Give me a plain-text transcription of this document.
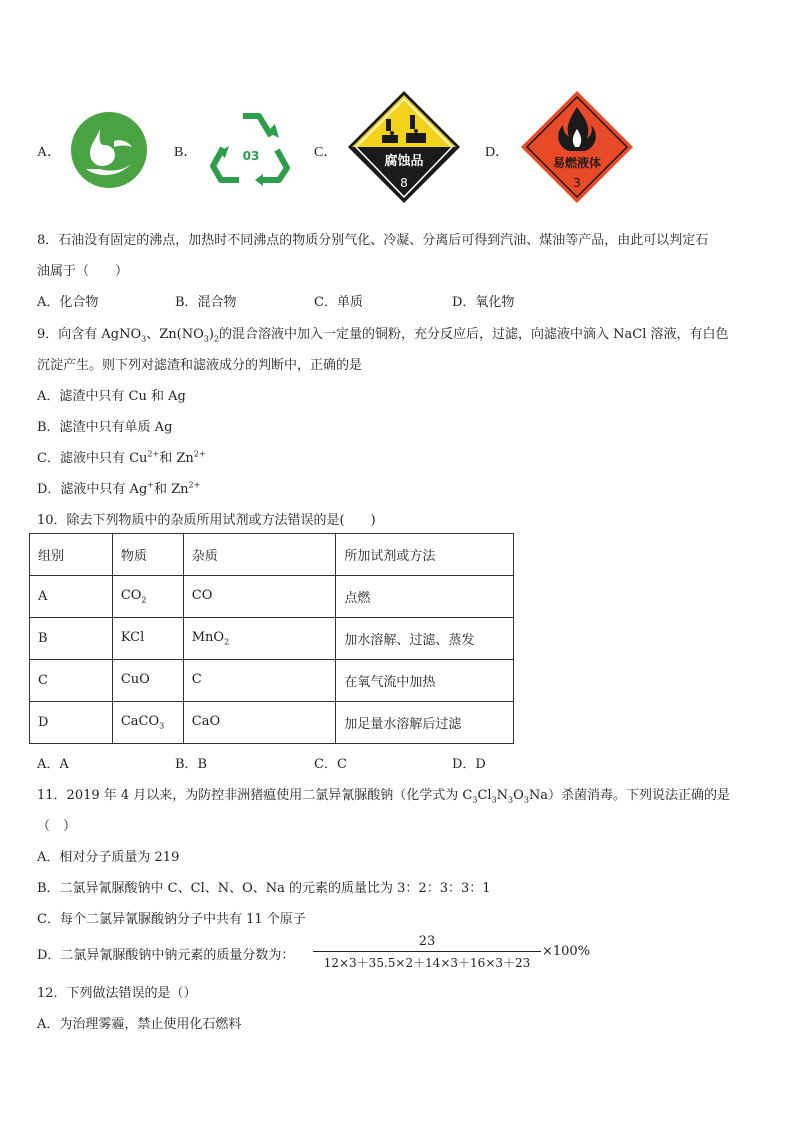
A．	B．	03	C．
腐蚀品
8
D．
易燃液体
3
8．石油没有固定的沸点，加热时不同沸点的物质分别气化、冷凝、分离后可得到汽油、煤油等产品，由此可以判定石
油属于（　　）
A．化合物	B．混合物	C．单质	D．氧化物
9．向含有 AgNO$_3$、$Zn(NO_3)_2$的混合溶液中加入一定量的铜粉，充分反应后，过滤，向滤液中滴入 NaCl 溶液，有白色
沉淀产生。则下列对滤渣和滤液成分的判断中，正确的是
A．滤渣中只有 Cu 和 Ag
B．滤渣中只有单质 Ag
C．滤液中只有 $Cu^{2+}$和 $Zn^{2+}$
D．滤液中只有 Ag+和 $Zn^{2+}$
10．除去下列物质中的杂质所用试剂或方法错误的是(　　)
组别	物质	杂质	所加试剂或方法
A	$CO_2$	CO	点燃
B	KCl	MnO$_2$	加水溶解、过滤、蒸发
C	CuO	C	在氧气流中加热
D	CaCO$_3$	CaO	加足量水溶解后过滤
A．A	B．B	C．C	D．D
11．2019 年 4 月以来，为防控非洲猪瘟使用二氯异氰脲酸钠（化学式为 $C_3Cl_3N_3O_3Na$）杀菌消毒。下列说法正确的是
（　）
A．相对分子质量为 219
B．二氯异氰脲酸钠中 C、Cl、N、O、Na 的元素的质量比为 3：2：3：3：1
C．每个二氯异氰脲酸钠分子中共有 11 个原子
D．二氯异氰脲酸钠中钠元素的质量分数为：
23
12×3＋35.5×2＋14×3＋16×3＋23
×100%
12．下列做法错误的是（）
A．为治理雾霾，禁止使用化石燃料
